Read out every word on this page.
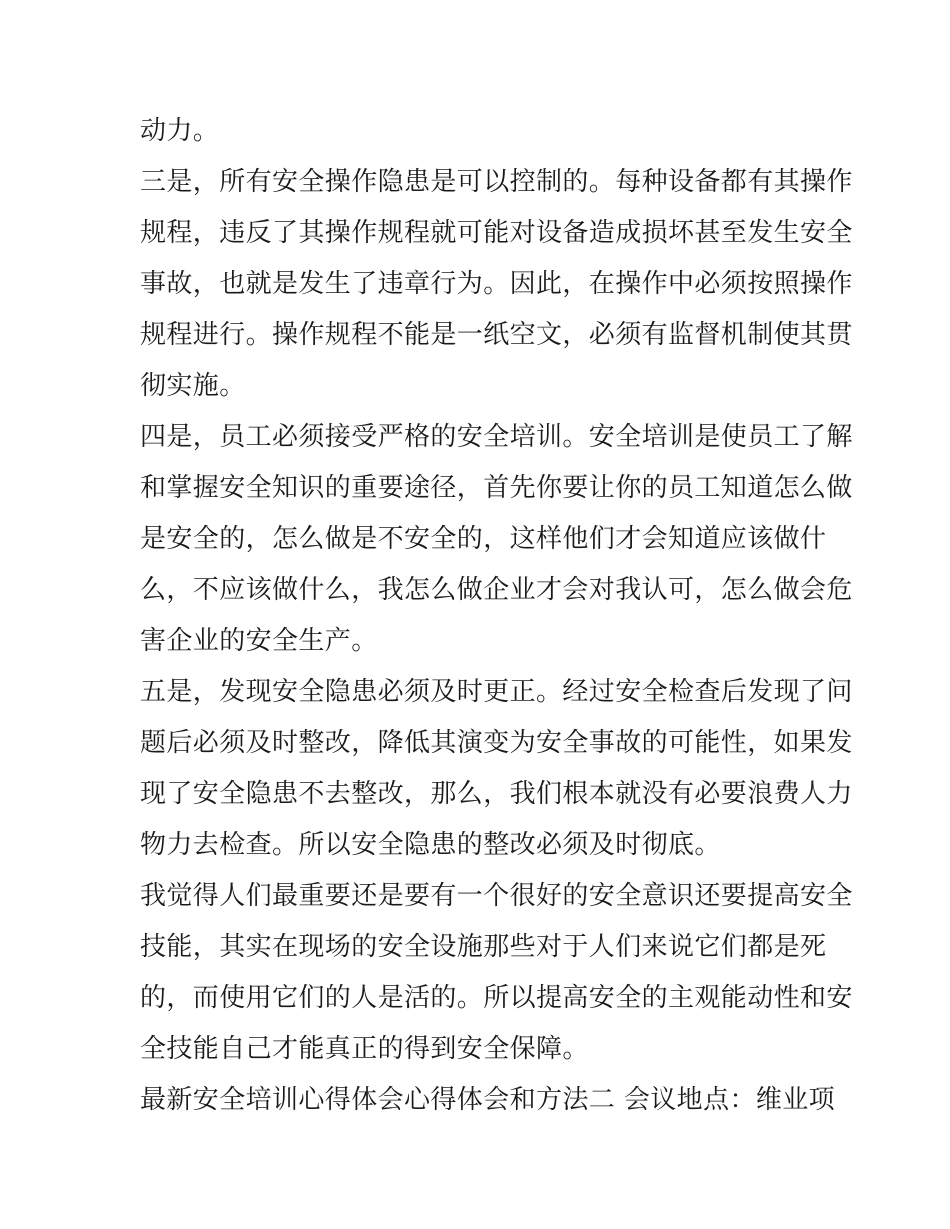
动力。
三是，所有安全操作隐患是可以控制的。每种设备都有其操作
规程，违反了其操作规程就可能对设备造成损坏甚至发生安全
事故，也就是发生了违章行为。因此，在操作中必须按照操作
规程进行。操作规程不能是一纸空文，必须有监督机制使其贯
彻实施。
四是，员工必须接受严格的安全培训。安全培训是使员工了解
和掌握安全知识的重要途径，首先你要让你的员工知道怎么做
是安全的，怎么做是不安全的，这样他们才会知道应该做什
么，不应该做什么，我怎么做企业才会对我认可，怎么做会危
害企业的安全生产。
五是，发现安全隐患必须及时更正。经过安全检查后发现了问
题后必须及时整改，降低其演变为安全事故的可能性，如果发
现了安全隐患不去整改，那么，我们根本就没有必要浪费人力
物力去检查。所以安全隐患的整改必须及时彻底。
我觉得人们最重要还是要有一个很好的安全意识还要提高安全
技能，其实在现场的安全设施那些对于人们来说它们都是死
的，而使用它们的人是活的。所以提高安全的主观能动性和安
全技能自己才能真正的得到安全保障。
最新安全培训心得体会心得体会和方法二 会议地点：维业项
